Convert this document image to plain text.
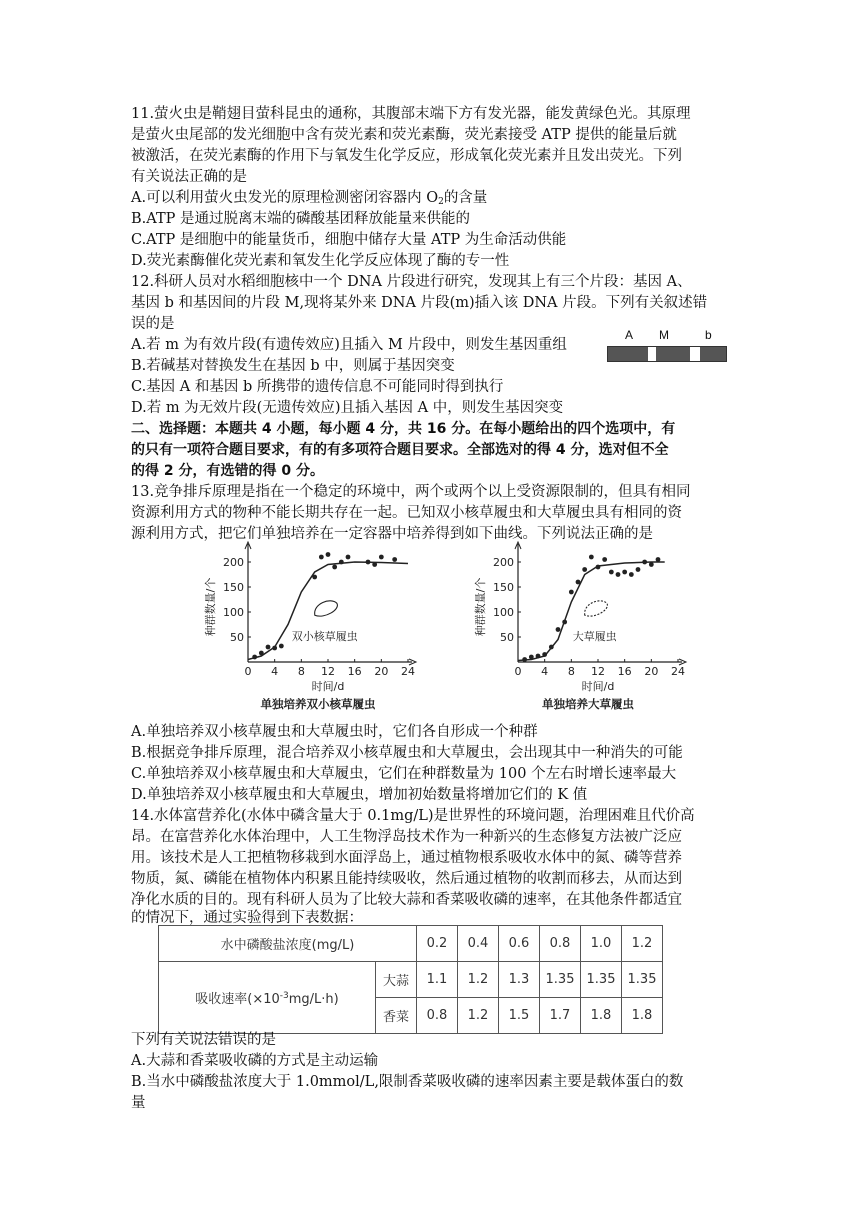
11.萤火虫是鞘翅目萤科昆虫的通称，其腹部末端下方有发光器，能发黄绿色光。其原理
是萤火虫尾部的发光细胞中含有荧光素和荧光素酶，荧光素接受 ATP 提供的能量后就
被激活，在荧光素酶的作用下与氧发生化学反应，形成氧化荧光素并且发出荧光。下列
有关说法正确的是
A.可以利用萤火虫发光的原理检测密闭容器内 $O_2$的含量
B.ATP 是通过脱离末端的磷酸基团释放能量来供能的
C.ATP 是细胞中的能量货币，细胞中储存大量 ATP 为生命活动供能
D.荧光素酶催化荧光素和氧发生化学反应体现了酶的专一性
12.科研人员对水稻细胞核中一个 DNA 片段进行研究，发现其上有三个片段：基因 A、
基因 b 和基因间的片段 M,现将某外来 DNA 片段(m)插入该 DNA 片段。下列有关叙述错
误的是
A.若 m 为有效片段(有遗传效应)且插入 M 片段中，则发生基因重组
B.若碱基对替换发生在基因 b 中，则属于基因突变
C.基因 A 和基因 b 所携带的遗传信息不可能同时得到执行
D.若 m 为无效片段(无遗传效应)且插入基因 A 中，则发生基因突变
A M	b
二、选择题：本题共 4 小题，每小题 4 分，共 16 分。在每小题给出的四个选项中，有
的只有一项符合题目要求，有的有多项符合题目要求。全部选对的得 4 分，选对但不全
的得 2 分，有选错的得 0 分。
13.竞争排斥原理是指在一个稳定的环境中，两个或两个以上受资源限制的，但具有相同
资源利用方式的物种不能长期共存在一起。已知双小核草履虫和大草履虫具有相同的资
源利用方式，把它们单独培养在一定容器中培养得到如下曲线。下列说法正确的是
0 4 8 12 16 20 24
50
100
150
200
双小核草履虫
时间/d
种群数量/个
单独培养双小核草履虫
0 4 8 12 16 20 24
50
100
150
200
大草履虫
时间/d
种群数量/个
单独培养大草履虫
A.单独培养双小核草履虫和大草履虫时，它们各自形成一个种群
B.根据竞争排斥原理，混合培养双小核草履虫和大草履虫，会出现其中一种消失的可能
C.单独培养双小核草履虫和大草履虫，它们在种群数量为 100 个左右时增长速率最大
D.单独培养双小核草履虫和大草履虫，增加初始数量将增加它们的 K 值
14.水体富营养化(水体中磷含量大于 0.1mg/L)是世界性的环境问题，治理困难且代价高
昂。在富营养化水体治理中，人工生物浮岛技术作为一种新兴的生态修复方法被广泛应
用。该技术是人工把植物移栽到水面浮岛上，通过植物根系吸收水体中的氮、磷等营养
物质，氮、磷能在植物体内积累且能持续吸收，然后通过植物的收割而移去，从而达到
净化水质的目的。现有科研人员为了比较大蒜和香菜吸收磷的速率，在其他条件都适宜
的情况下，通过实验得到下表数据：
水中磷酸盐浓度(mg/L)		0.2	0.4	0.6	0.8	1.0	1.2
吸收速率$(\times 10^{-3}mg/L\cdot h)$	大蒜	1.1	1.2	1.3	1.35	1.35	1.35
	香菜	0.8	1.2	1.5	1.7	1.8	1.8
下列有关说法错误的是
A.大蒜和香菜吸收磷的方式是主动运输
B.当水中磷酸盐浓度大于 1.0mmol/L,限制香菜吸收磷的速率因素主要是载体蛋白的数
量
